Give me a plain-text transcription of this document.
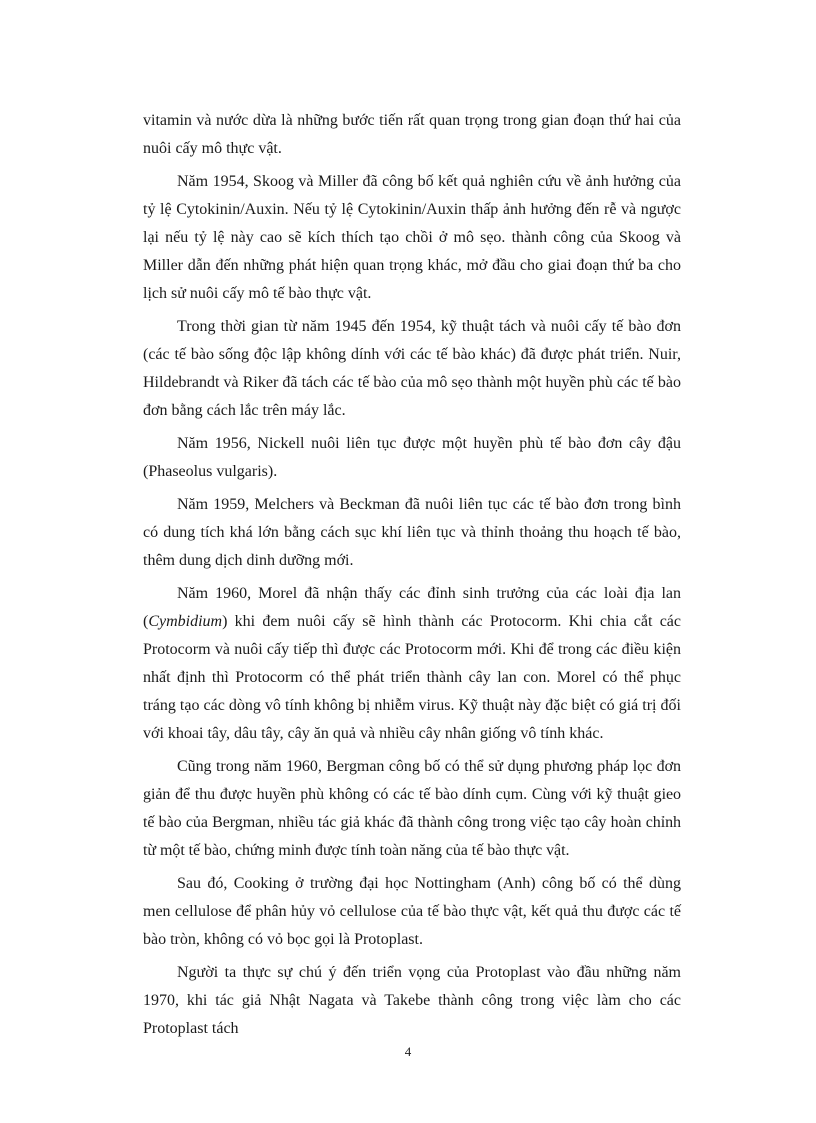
vitamin và nước dừa là những bước tiến rất quan trọng trong gian đoạn thứ hai của nuôi cấy mô thực vật.

Năm 1954, Skoog và Miller đã công bố kết quả nghiên cứu về ảnh hưởng của tỷ lệ Cytokinin/Auxin. Nếu tỷ lệ Cytokinin/Auxin thấp ảnh hưởng đến rễ và ngược lại nếu tỷ lệ này cao sẽ kích thích tạo chồi ở mô sẹo. thành công của Skoog và Miller dẫn đến những phát hiện quan trọng khác, mở đầu cho giai đoạn thứ ba cho lịch sử nuôi cấy mô tế bào thực vật.

Trong thời gian từ năm 1945 đến 1954, kỹ thuật tách và nuôi cấy tế bào đơn (các tế bào sống độc lập không dính với các tế bào khác) đã được phát triển. Nuir, Hildebrandt và Riker đã tách các tế bào của mô sẹo thành một huyền phù các tế bào đơn bằng cách lắc trên máy lắc.

Năm 1956, Nickell nuôi liên tục được một huyền phù tế bào đơn cây đậu (Phaseolus vulgaris).

Năm 1959, Melchers và Beckman đã nuôi liên tục các tế bào đơn trong bình có dung tích khá lớn bằng cách sục khí liên tục và thỉnh thoảng thu hoạch tế bào, thêm dung dịch dinh dưỡng mới.

Năm 1960, Morel đã nhận thấy các đỉnh sinh trưởng của các loài địa lan (Cymbidium) khi đem nuôi cấy sẽ hình thành các Protocorm. Khi chia cắt các Protocorm và nuôi cấy tiếp thì được các Protocorm mới. Khi để trong các điều kiện nhất định thì Protocorm có thể phát triển thành cây lan con. Morel có thể phục tráng tạo các dòng vô tính không bị nhiễm virus. Kỹ thuật này đặc biệt có giá trị đối với khoai tây, dâu tây, cây ăn quả và nhiều cây nhân giống vô tính khác.

Cũng trong năm 1960, Bergman công bố có thể sử dụng phương pháp lọc đơn giản để thu được huyền phù không có các tế bào dính cụm. Cùng với kỹ thuật gieo tế bào của Bergman, nhiều tác giả khác đã thành công trong việc tạo cây hoàn chỉnh từ một tế bào, chứng minh được tính toàn năng của tế bào thực vật.

Sau đó, Cooking ở trường đại học Nottingham (Anh) công bố có thể dùng men cellulose để phân hủy vỏ cellulose của tế bào thực vật, kết quả thu được các tế bào tròn, không có vỏ bọc gọi là Protoplast.

Người ta thực sự chú ý đến triển vọng của Protoplast vào đầu những năm 1970, khi tác giả Nhật Nagata và Takebe thành công trong việc làm cho các Protoplast tách

4
